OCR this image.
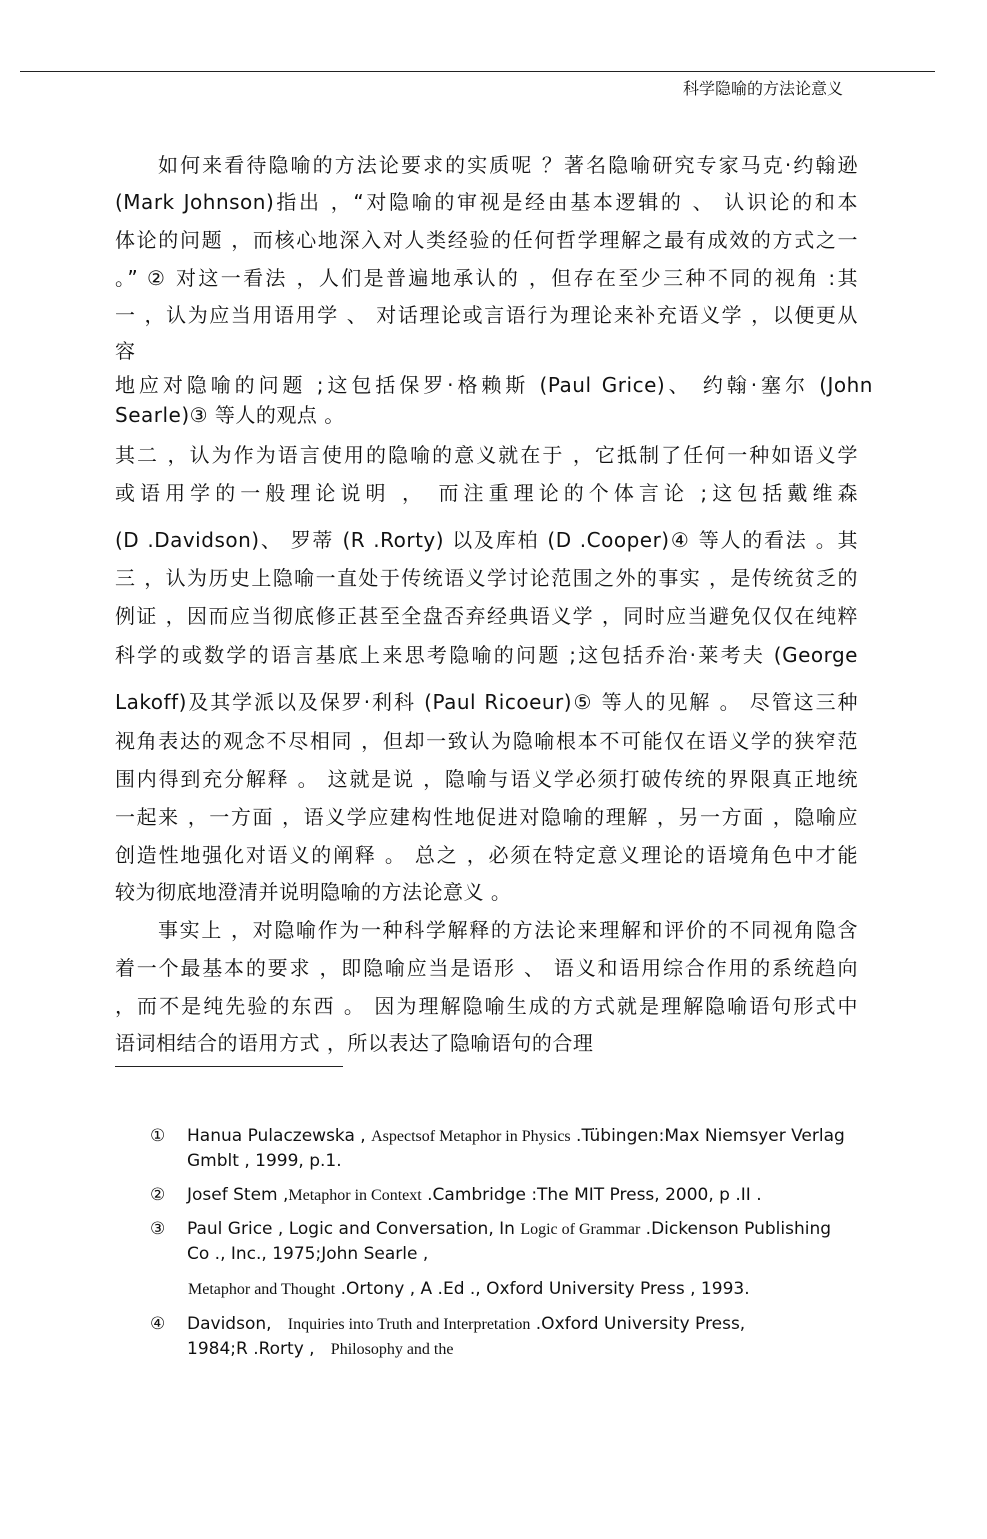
科学隐喻的方法论意义
如何来看待隐喻的方法论要求的实质呢 ？著名隐喻研究专家马克·约翰逊
(Mark Johnson)指出 ，“对隐喻的审视是经由基本逻辑的 、 认识论的和本
体论的问题 ，而核心地深入对人类经验的任何哲学理解之最有成效的方式之一
。” ② 对这一看法 ，人们是普遍地承认的 ，但存在至少三种不同的视角 :其
一 ，认为应当用语用学 、 对话理论或言语行为理论来补充语义学 ，以便更从
容
地应对隐喻的问题 ;这包括保罗·格赖斯 (Paul Grice)、 约翰·塞尔 (John
Searle)③ 等人的观点 。
其二 ，认为作为语言使用的隐喻的意义就在于 ，它抵制了任何一种如语义学
或语用学的一般理论说明 ， 而注重理论的个体言论 ;这包括戴维森
(D .Davidson)、 罗蒂 (R .Rorty) 以及库柏 (D .Cooper)④ 等人的看法 。其
三 ，认为历史上隐喻一直处于传统语义学讨论范围之外的事实 ，是传统贫乏的
例证 ，因而应当彻底修正甚至全盘否弃经典语义学 ，同时应当避免仅仅在纯粹
科学的或数学的语言基底上来思考隐喻的问题 ;这包括乔治·莱考夫 (George
Lakoff)及其学派以及保罗·利科 (Paul Ricoeur)⑤ 等人的见解 。 尽管这三种
视角表达的观念不尽相同 ，但却一致认为隐喻根本不可能仅在语义学的狭窄范
围内得到充分解释 。 这就是说 ，隐喻与语义学必须打破传统的界限真正地统
一起来 ，一方面 ，语义学应建构性地促进对隐喻的理解 ，另一方面 ，隐喻应
创造性地强化对语义的阐释 。 总之 ，必须在特定意义理论的语境角色中才能
较为彻底地澄清并说明隐喻的方法论意义 。
事实上 ，对隐喻作为一种科学解释的方法论来理解和评价的不同视角隐含
着一个最基本的要求 ，即隐喻应当是语形 、 语义和语用综合作用的系统趋向
，而不是纯先验的东西 。 因为理解隐喻生成的方式就是理解隐喻语句形式中
语词相结合的语用方式 ，所以表达了隐喻语句的合理
① Hanua Pulaczewska , Aspectsof Metaphor in Physics .Tübingen:Max Niemsyer Verlag
Gmblt , 1999, p.1.
② Josef Stem ,Metaphor in Context .Cambridge :The MIT Press, 2000, p .II .
③ Paul Grice , Logic and Conversation, In Logic of Grammar .Dickenson Publishing
Co ., Inc., 1975;John Searle ,
Metaphor and Thought .Ortony , A .Ed ., Oxford University Press , 1993.
④ Davidson,   Inquiries into Truth and Interpretation .Oxford University Press,
1984;R .Rorty ,   Philosophy and the
